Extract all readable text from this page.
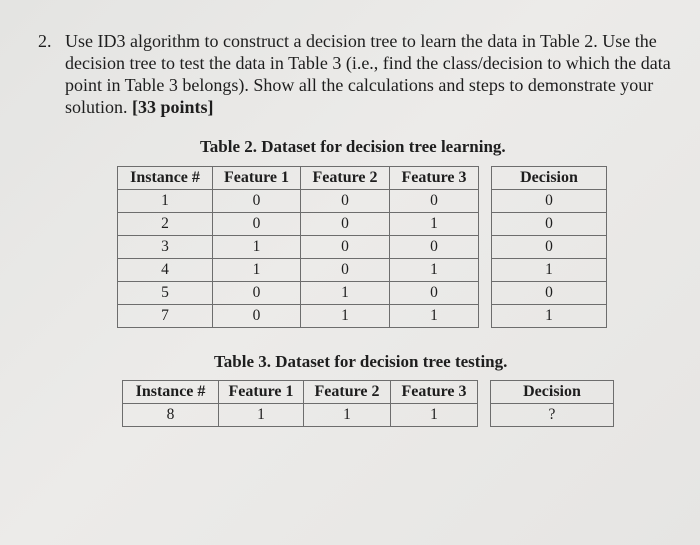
2. Use ID3 algorithm to construct a decision tree to learn the data in Table 2. Use the
decision tree to test the data in Table 3 (i.e., find the class/decision to which the data
point in Table 3 belongs). Show all the calculations and steps to demonstrate your
solution. [33 points]
Table 2. Dataset for decision tree learning.
Instance #	Feature 1	Feature 2	Feature 3		Decision
1	0	0	0		0
2	0	0	1		0
3	1	0	0		0
4	1	0	1		1
5	0	1	0		0
7	0	1	1		1
Table 3. Dataset for decision tree testing.
Instance #	Feature 1	Feature 2	Feature 3		Decision
8	1	1	1		?
